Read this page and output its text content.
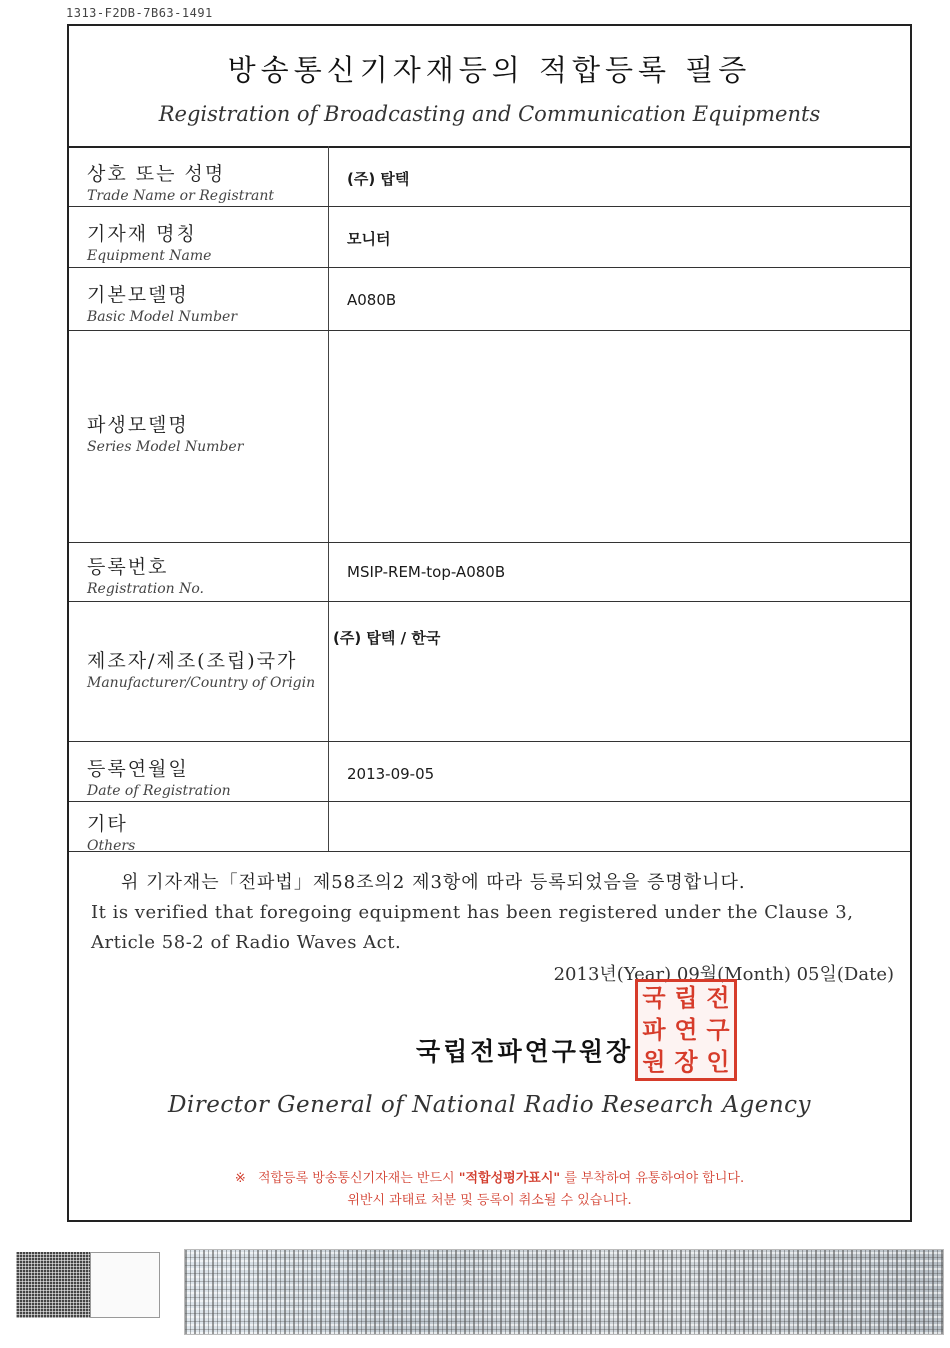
1313-F2DB-7B63-1491
방송통신기자재등의 적합등록 필증
Registration of Broadcasting and Communication Equipments
상호 또는 성명
Trade Name or Registrant
(주) 탑텍
기자재 명칭
Equipment Name
모니터
기본모델명
Basic Model Number
A080B
파생모델명
Series Model Number
등록번호
Registration No.
MSIP-REM-top-A080B
제조자/제조(조립)국가
Manufacturer/Country of Origin
(주) 탑텍 / 한국
등록연월일
Date of Registration
2013-09-05
기타
Others
위 기자재는「전파법」제58조의2 제3항에 따라 등록되었음을 증명합니다.
It is verified that foregoing equipment has been registered under the Clause 3, Article 58-2 of Radio Waves Act.
2013년(Year) 09월(Month) 05일(Date)
국립전파연구원장
국 립 전
파 연 구
원 장 인
Director General of National Radio Research Agency
※ 적합등록 방송통신기자재는 반드시 "적합성평가표시" 를 부착하여 유통하여야 합니다.
위반시 과태료 처분 및 등록이 취소될 수 있습니다.
